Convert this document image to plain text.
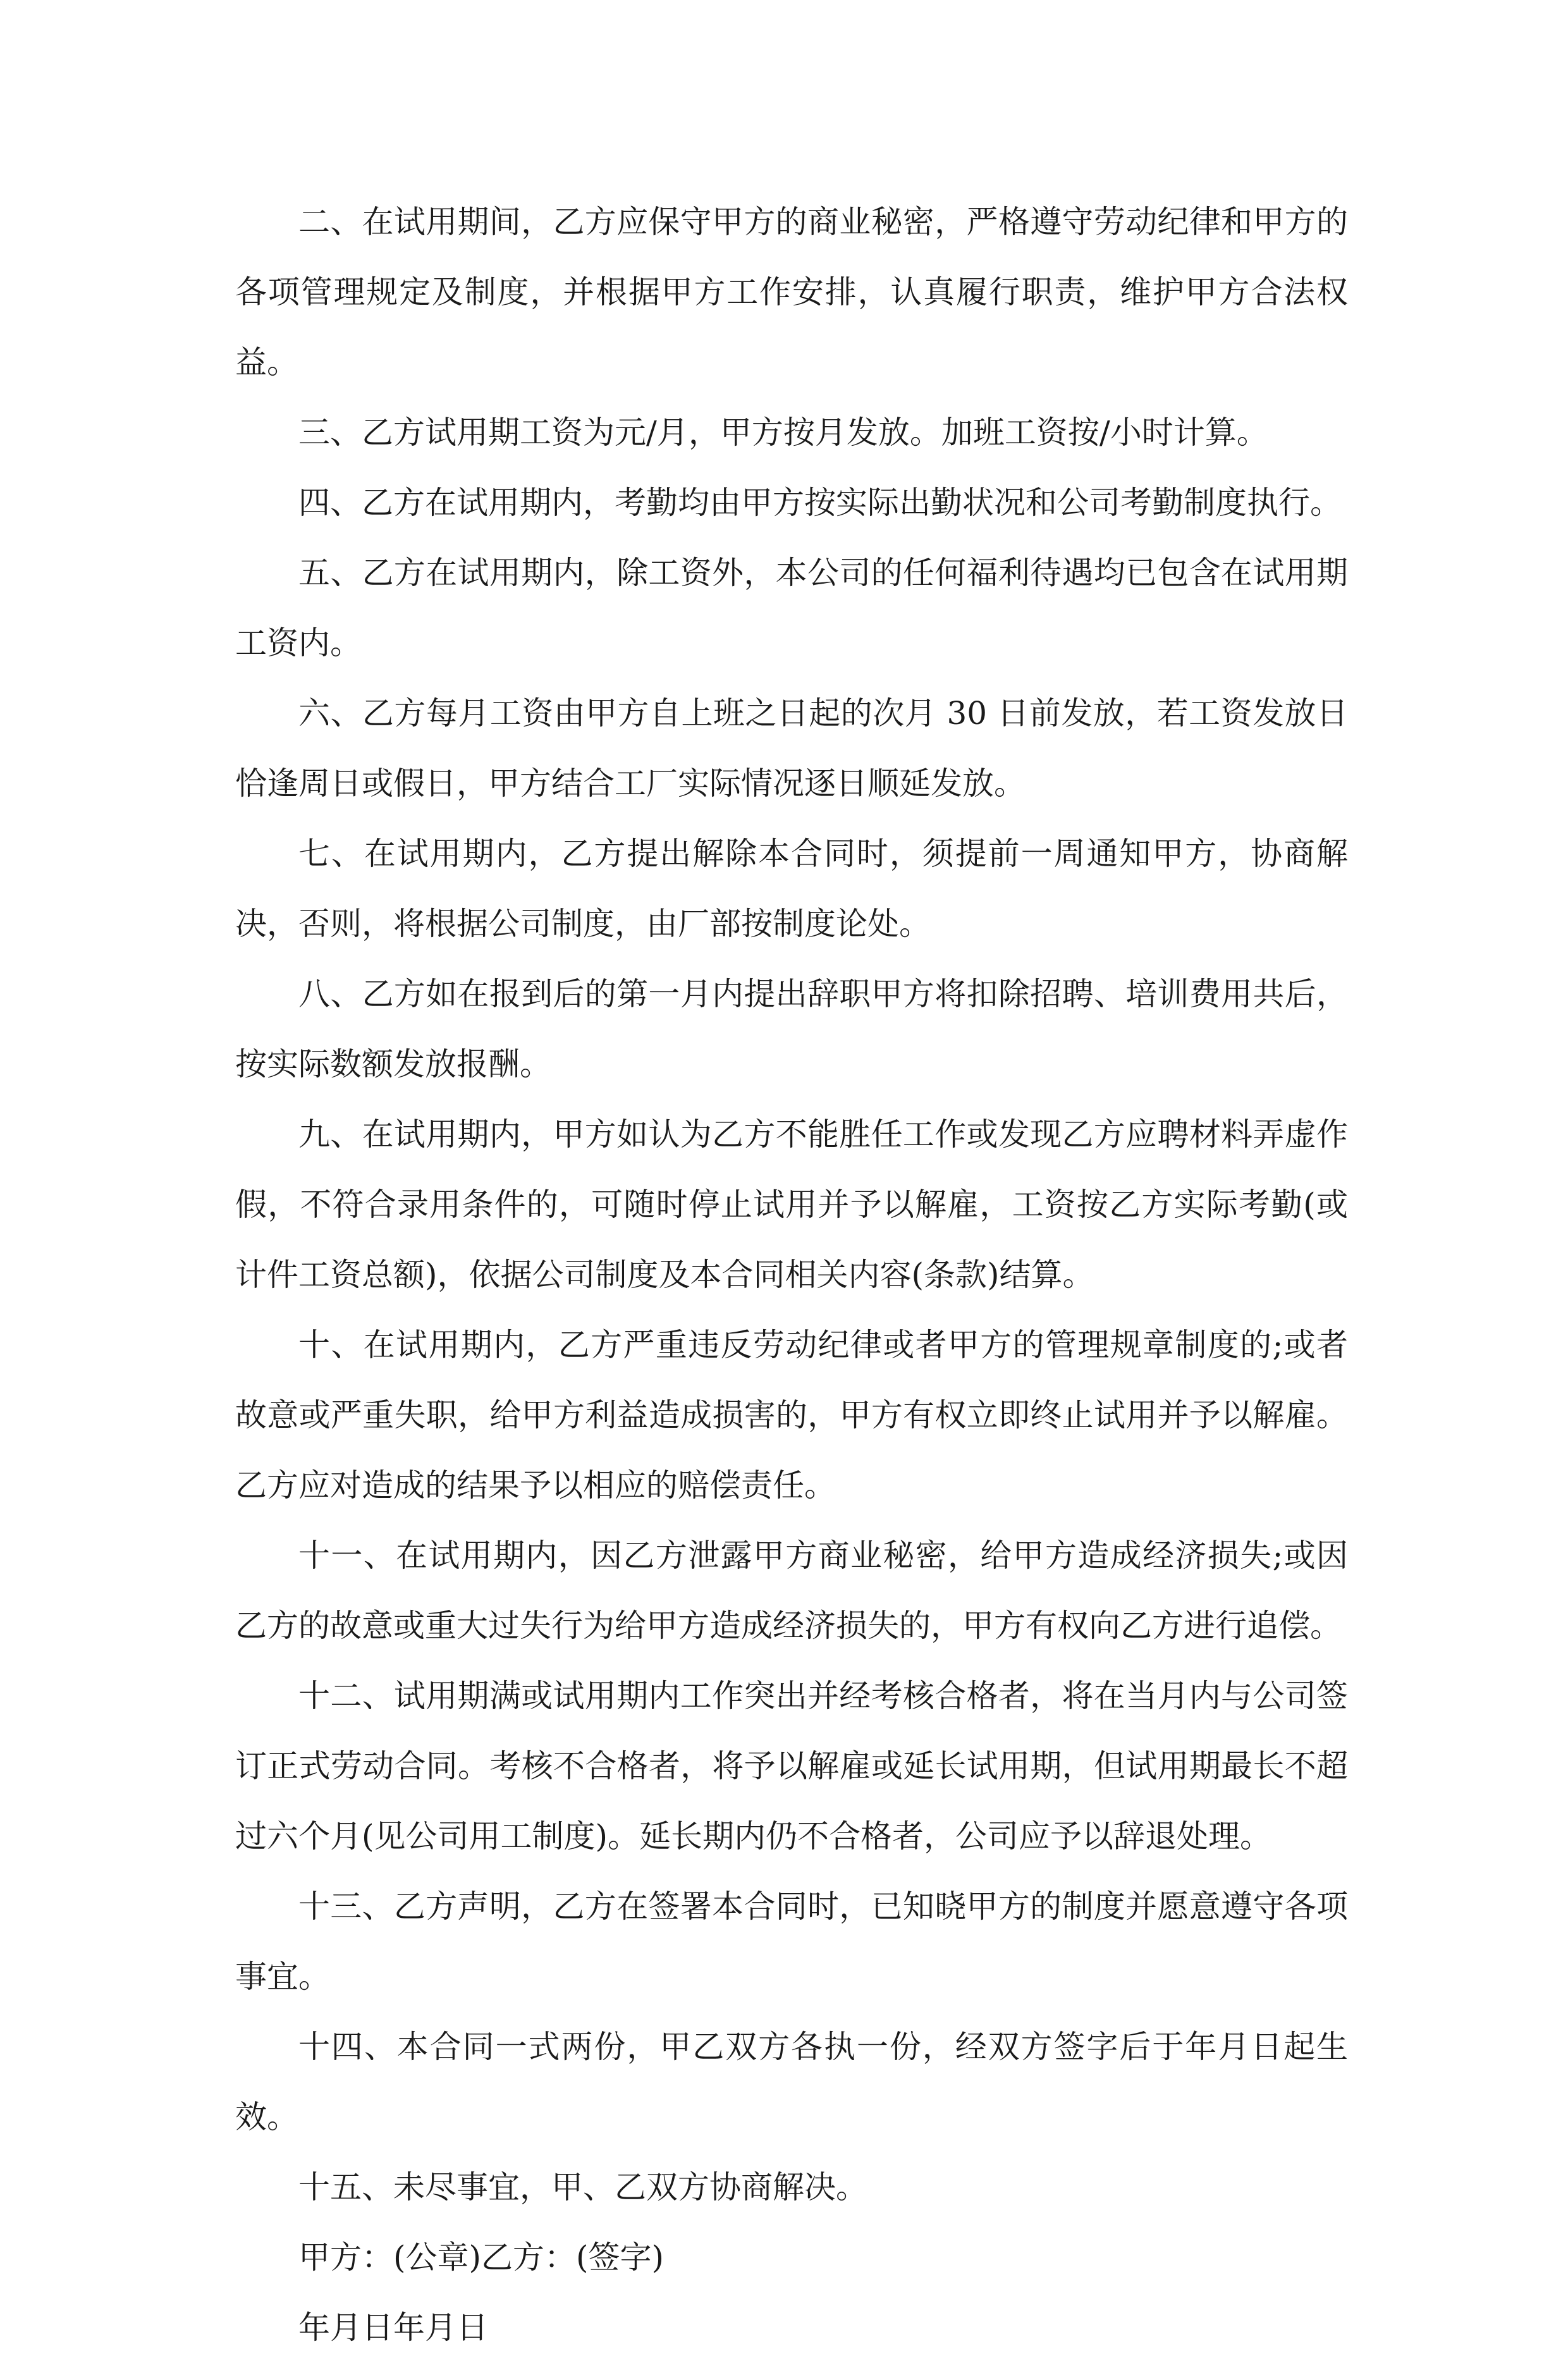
二、在试用期间，乙方应保守甲方的商业秘密，严格遵守劳动纪律和甲方的各项管理规定及制度，并根据甲方工作安排，认真履行职责，维护甲方合法权益。

三、乙方试用期工资为元/月，甲方按月发放。加班工资按/小时计算。

四、乙方在试用期内，考勤均由甲方按实际出勤状况和公司考勤制度执行。

五、乙方在试用期内，除工资外，本公司的任何福利待遇均已包含在试用期工资内。

六、乙方每月工资由甲方自上班之日起的次月 30 日前发放，若工资发放日恰逢周日或假日，甲方结合工厂实际情况逐日顺延发放。

七、在试用期内，乙方提出解除本合同时，须提前一周通知甲方，协商解决，否则，将根据公司制度，由厂部按制度论处。

八、乙方如在报到后的第一月内提出辞职甲方将扣除招聘、培训费用共后，按实际数额发放报酬。

九、在试用期内，甲方如认为乙方不能胜任工作或发现乙方应聘材料弄虚作假，不符合录用条件的，可随时停止试用并予以解雇，工资按乙方实际考勤(或计件工资总额)，依据公司制度及本合同相关内容(条款)结算。

十、在试用期内，乙方严重违反劳动纪律或者甲方的管理规章制度的;或者故意或严重失职，给甲方利益造成损害的，甲方有权立即终止试用并予以解雇。乙方应对造成的结果予以相应的赔偿责任。

十一、在试用期内，因乙方泄露甲方商业秘密，给甲方造成经济损失;或因乙方的故意或重大过失行为给甲方造成经济损失的，甲方有权向乙方进行追偿。

十二、试用期满或试用期内工作突出并经考核合格者，将在当月内与公司签订正式劳动合同。考核不合格者，将予以解雇或延长试用期，但试用期最长不超过六个月(见公司用工制度)。延长期内仍不合格者，公司应予以辞退处理。

十三、乙方声明，乙方在签署本合同时，已知晓甲方的制度并愿意遵守各项事宜。

十四、本合同一式两份，甲乙双方各执一份，经双方签字后于年月日起生效。

十五、未尽事宜，甲、乙双方协商解决。

甲方：(公章)乙方：(签字)

年月日年月日
